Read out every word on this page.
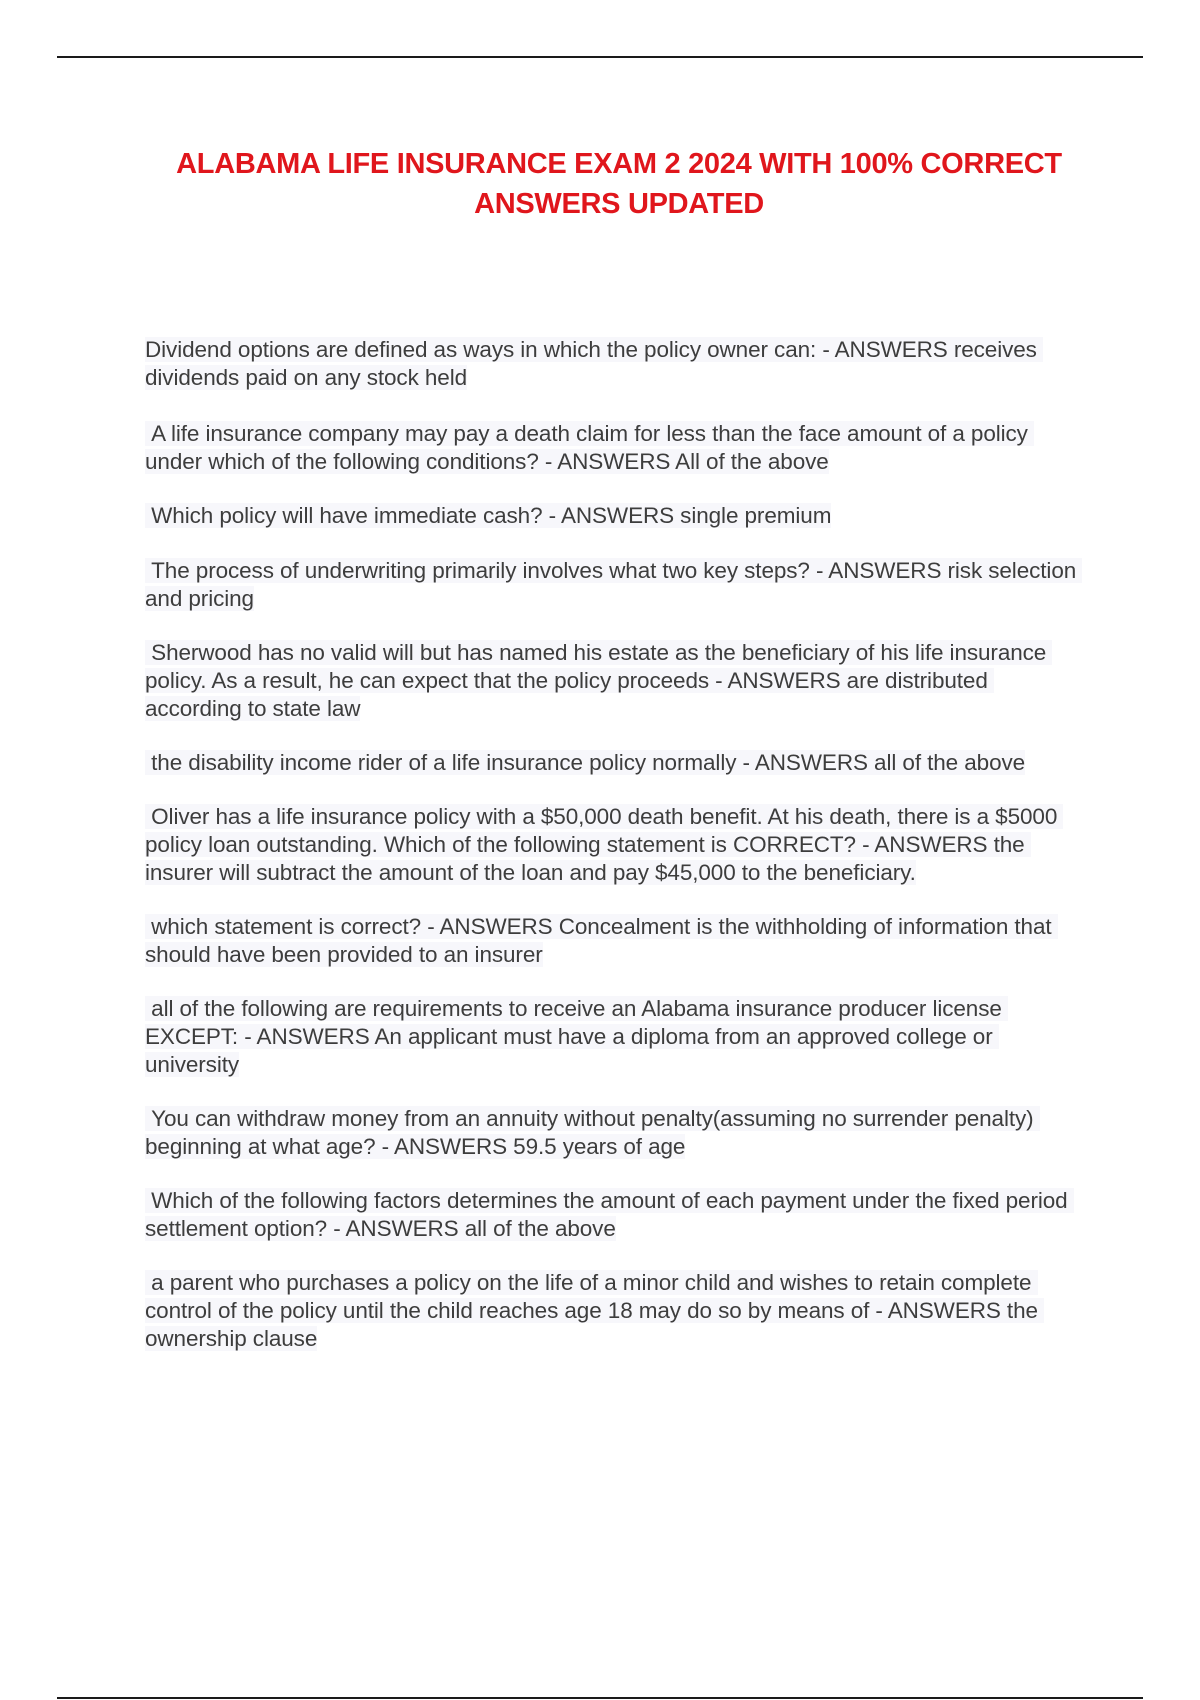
ALABAMA LIFE INSURANCE EXAM 2 2024 WITH 100% CORRECT ANSWERS UPDATED
Dividend options are defined as ways in which the policy owner can: - ANSWERS receives dividends paid on any stock held
A life insurance company may pay a death claim for less than the face amount of a policy under which of the following conditions? - ANSWERS All of the above
Which policy will have immediate cash? - ANSWERS single premium
The process of underwriting primarily involves what two key steps? - ANSWERS risk selection and pricing
Sherwood has no valid will but has named his estate as the beneficiary of his life insurance policy. As a result, he can expect that the policy proceeds - ANSWERS are distributed according to state law
the disability income rider of a life insurance policy normally - ANSWERS all of the above
Oliver has a life insurance policy with a $50,000 death benefit. At his death, there is a $5000 policy loan outstanding. Which of the following statement is CORRECT? - ANSWERS the insurer will subtract the amount of the loan and pay $45,000 to the beneficiary.
which statement is correct? - ANSWERS Concealment is the withholding of information that should have been provided to an insurer
all of the following are requirements to receive an Alabama insurance producer license EXCEPT: - ANSWERS An applicant must have a diploma from an approved college or university
You can withdraw money from an annuity without penalty(assuming no surrender penalty) beginning at what age? - ANSWERS 59.5 years of age
Which of the following factors determines the amount of each payment under the fixed period settlement option? - ANSWERS all of the above
a parent who purchases a policy on the life of a minor child and wishes to retain complete control of the policy until the child reaches age 18 may do so by means of - ANSWERS the ownership clause
